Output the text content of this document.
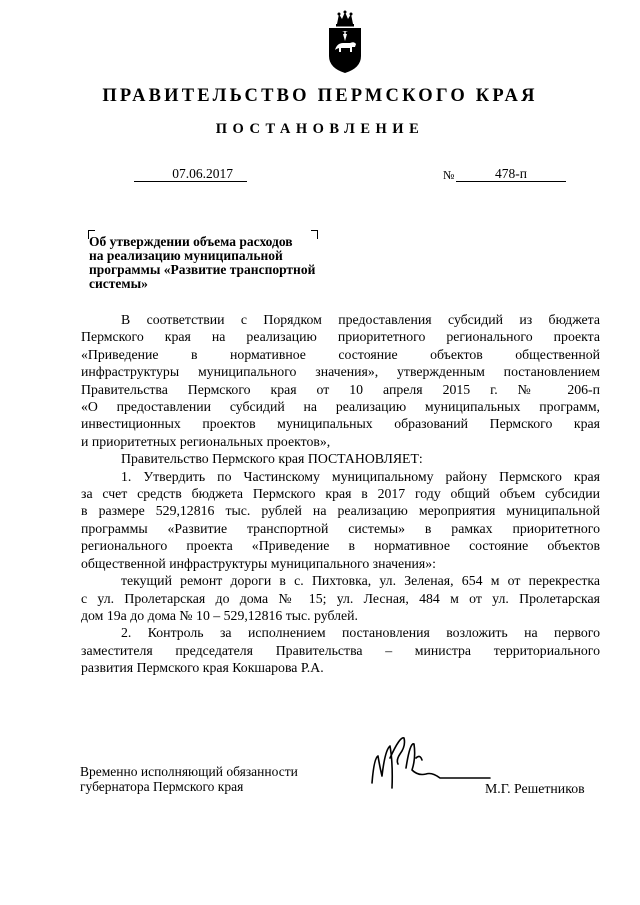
ПРАВИТЕЛЬСТВО ПЕРМСКОГО КРАЯ
ПОСТАНОВЛЕНИЕ
07.06.2017	№	478-п
Об утверждении объема расходов
на реализацию муниципальной
программы «Развитие транспортной
системы»
В соответствии с Порядком предоставления субсидий из бюджета
Пермского края на реализацию приоритетного регионального проекта
«Приведение в нормативное состояние объектов общественной
инфраструктуры муниципального значения», утвержденным постановлением
Правительства Пермского края от 10 апреля 2015 г. № 206-п
«О предоставлении субсидий на реализацию муниципальных программ,
инвестиционных проектов муниципальных образований Пермского края
и приоритетных региональных проектов»,
Правительство Пермского края ПОСТАНОВЛЯЕТ:
1. Утвердить по Частинскому муниципальному району Пермского края
за счет средств бюджета Пермского края в 2017 году общий объем субсидии
в размере 529,12816 тыс. рублей на реализацию мероприятия муниципальной
программы «Развитие транспортной системы» в рамках приоритетного
регионального проекта «Приведение в нормативное состояние объектов
общественной инфраструктуры муниципального значения»:
текущий ремонт дороги в с. Пихтовка, ул. Зеленая, 654 м от перекрестка
с ул. Пролетарская до дома № 15; ул. Лесная, 484 м от ул. Пролетарская
дом 19а до дома № 10 – 529,12816 тыс. рублей.
2. Контроль за исполнением постановления возложить на первого
заместителя председателя Правительства – министра территориального
развития Пермского края Кокшарова Р.А.
Временно исполняющий обязанности
губернатора Пермского края	М.Г. Решетников
